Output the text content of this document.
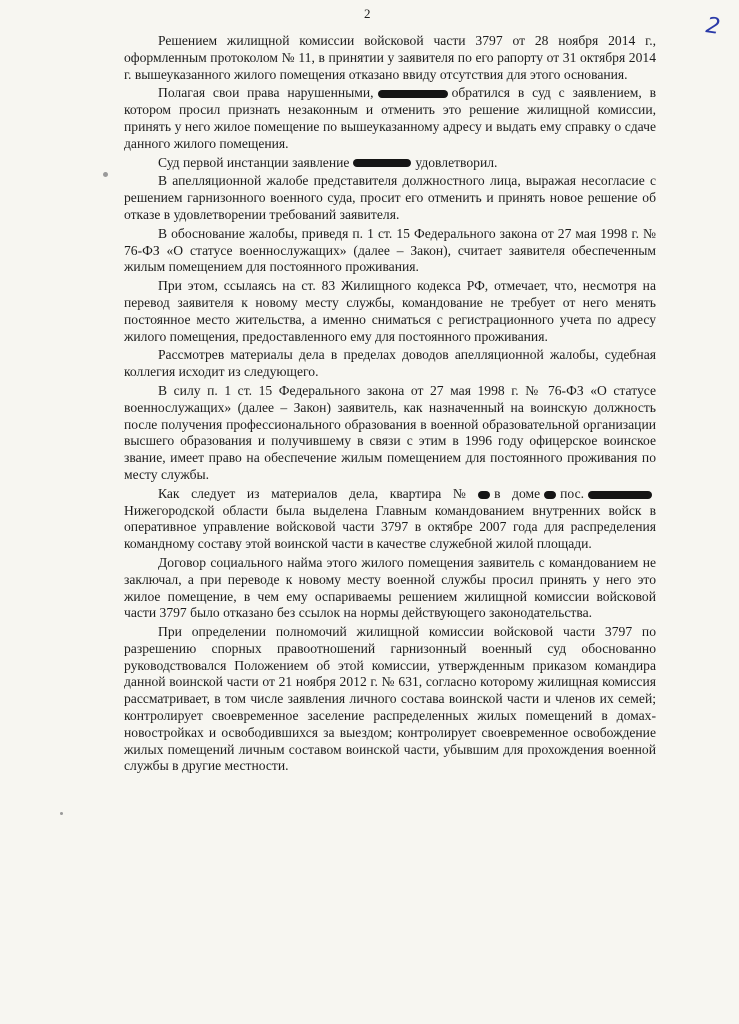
2	2

Решением жилищной комиссии войсковой части 3797 от 28 ноября 2014 г., оформленным протоколом № 11, в принятии у заявителя по его рапорту от 31 октября 2014 г. вышеуказанного жилого помещения отказано ввиду отсутствия для этого основания.

Полагая свои права нарушенными,	обратился в суд с заявлением, в котором просил признать незаконным и отменить это решение жилищной комиссии, принять у него жилое помещение по вышеуказанному адресу и выдать ему справку о сдаче данного жилого помещения.

Суд первой инстанции заявление	удовлетворил.

В апелляционной жалобе представителя должностного лица, выражая несогласие с решением гарнизонного военного суда, просит его отменить и принять новое решение об отказе в удовлетворении требований заявителя.

В обоснование жалобы, приведя п. 1 ст. 15 Федерального закона от 27 мая 1998 г. № 76-ФЗ «О статусе военнослужащих» (далее – Закон), считает заявителя обеспеченным жилым помещением для постоянного проживания.

При этом, ссылаясь на ст. 83 Жилищного кодекса РФ, отмечает, что, несмотря на перевод заявителя к новому месту службы, командование не требует от него менять постоянное место жительства, а именно сниматься с регистрационного учета по адресу жилого помещения, предоставленного ему для постоянного проживания.

Рассмотрев материалы дела в пределах доводов апелляционной жалобы, судебная коллегия исходит из следующего.

В силу п. 1 ст. 15 Федерального закона от 27 мая 1998 г. № 76-ФЗ «О статусе военнослужащих» (далее – Закон) заявитель, как назначенный на воинскую должность после получения профессионального образования в военной образовательной организации высшего образования и получившему в связи с этим в 1996 году офицерское воинское звание, имеет право на обеспечение жилым помещением для постоянного проживания по месту службы.

Как следует из материалов дела, квартира № в доме пос.Нижегородской области была выделена Главным командованием внутренних войск в оперативное управление войсковой части 3797 в октябре 2007 года для распределения командному составу этой воинской части в качестве служебной жилой площади.

Договор социального найма этого жилого помещения заявитель с командованием не заключал, а при переводе к новому месту военной службы просил принять у него это жилое помещение, в чем ему оспариваемы решением жилищной комиссии войсковой части 3797 было отказано без ссылок на нормы действующего законодательства.

При определении полномочий жилищной комиссии войсковой части 3797 по разрешению спорных правоотношений гарнизонный военный суд обоснованно руководствовался Положением об этой комиссии, утвержденным приказом командира данной воинской части от 21 ноября 2012 г. № 631, согласно которому жилищная комиссия рассматривает, в том числе заявления личного состава воинской части и членов их семей; контролирует своевременное заселение распределенных жилых помещений в домах-новостройках и освободившихся за выездом; контролирует своевременное освобождение жилых помещений личным составом воинской части, убывшим для прохождения военной службы в другие местности.
